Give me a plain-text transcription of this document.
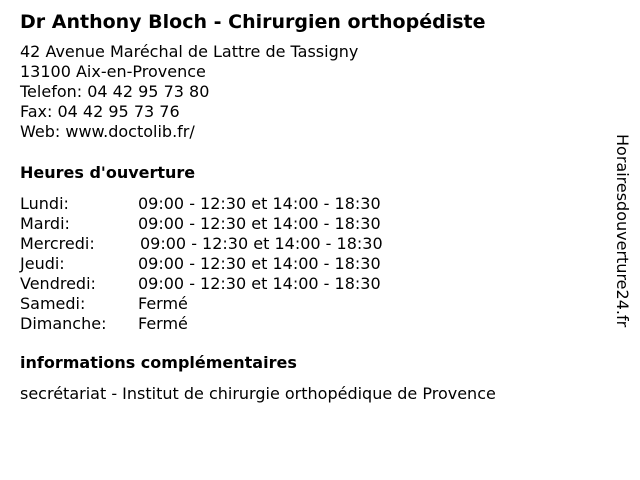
Dr Anthony Bloch - Chirurgien orthopédiste
42 Avenue Maréchal de Lattre de Tassigny
13100 Aix-en-Provence
Telefon: 04 42 95 73 80
Fax: 04 42 95 73 76
Web: www.doctolib.fr/
Heures d'ouverture
Lundi:	09:00 - 12:30 et 14:00 - 18:30
Mardi:	09:00 - 12:30 et 14:00 - 18:30
Mercredi:	09:00 - 12:30 et 14:00 - 18:30
Jeudi:	09:00 - 12:30 et 14:00 - 18:30
Vendredi:	09:00 - 12:30 et 14:00 - 18:30
Samedi:	Fermé
Dimanche: Fermé
informations complémentaires
secrétariat - Institut de chirurgie orthopédique de Provence
Horairesdouverture24.fr
